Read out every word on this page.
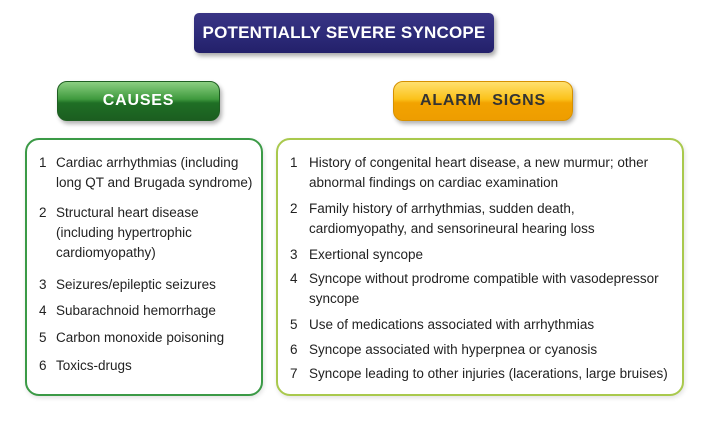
POTENTIALLY SEVERE SYNCOPE
CAUSES	ALARM  SIGNS
1 Cardiac arrhythmias (including long QT and Brugada syndrome)
2 Structural heart disease (including hypertrophic cardiomyopathy)
3 Seizures/epileptic seizures
4 Subarachnoid hemorrhage
5 Carbon monoxide poisoning
6 Toxics-drugs
1 History of congenital heart disease, a new murmur; other abnormal findings on cardiac examination
2 Family history of arrhythmias, sudden death, cardiomyopathy, and sensorineural hearing loss
3 Exertional syncope
4 Syncope without prodrome compatible with vasodepressor syncope
5 Use of medications associated with arrhythmias
6 Syncope associated with hyperpnea or cyanosis
7 Syncope leading to other injuries (lacerations, large bruises)
